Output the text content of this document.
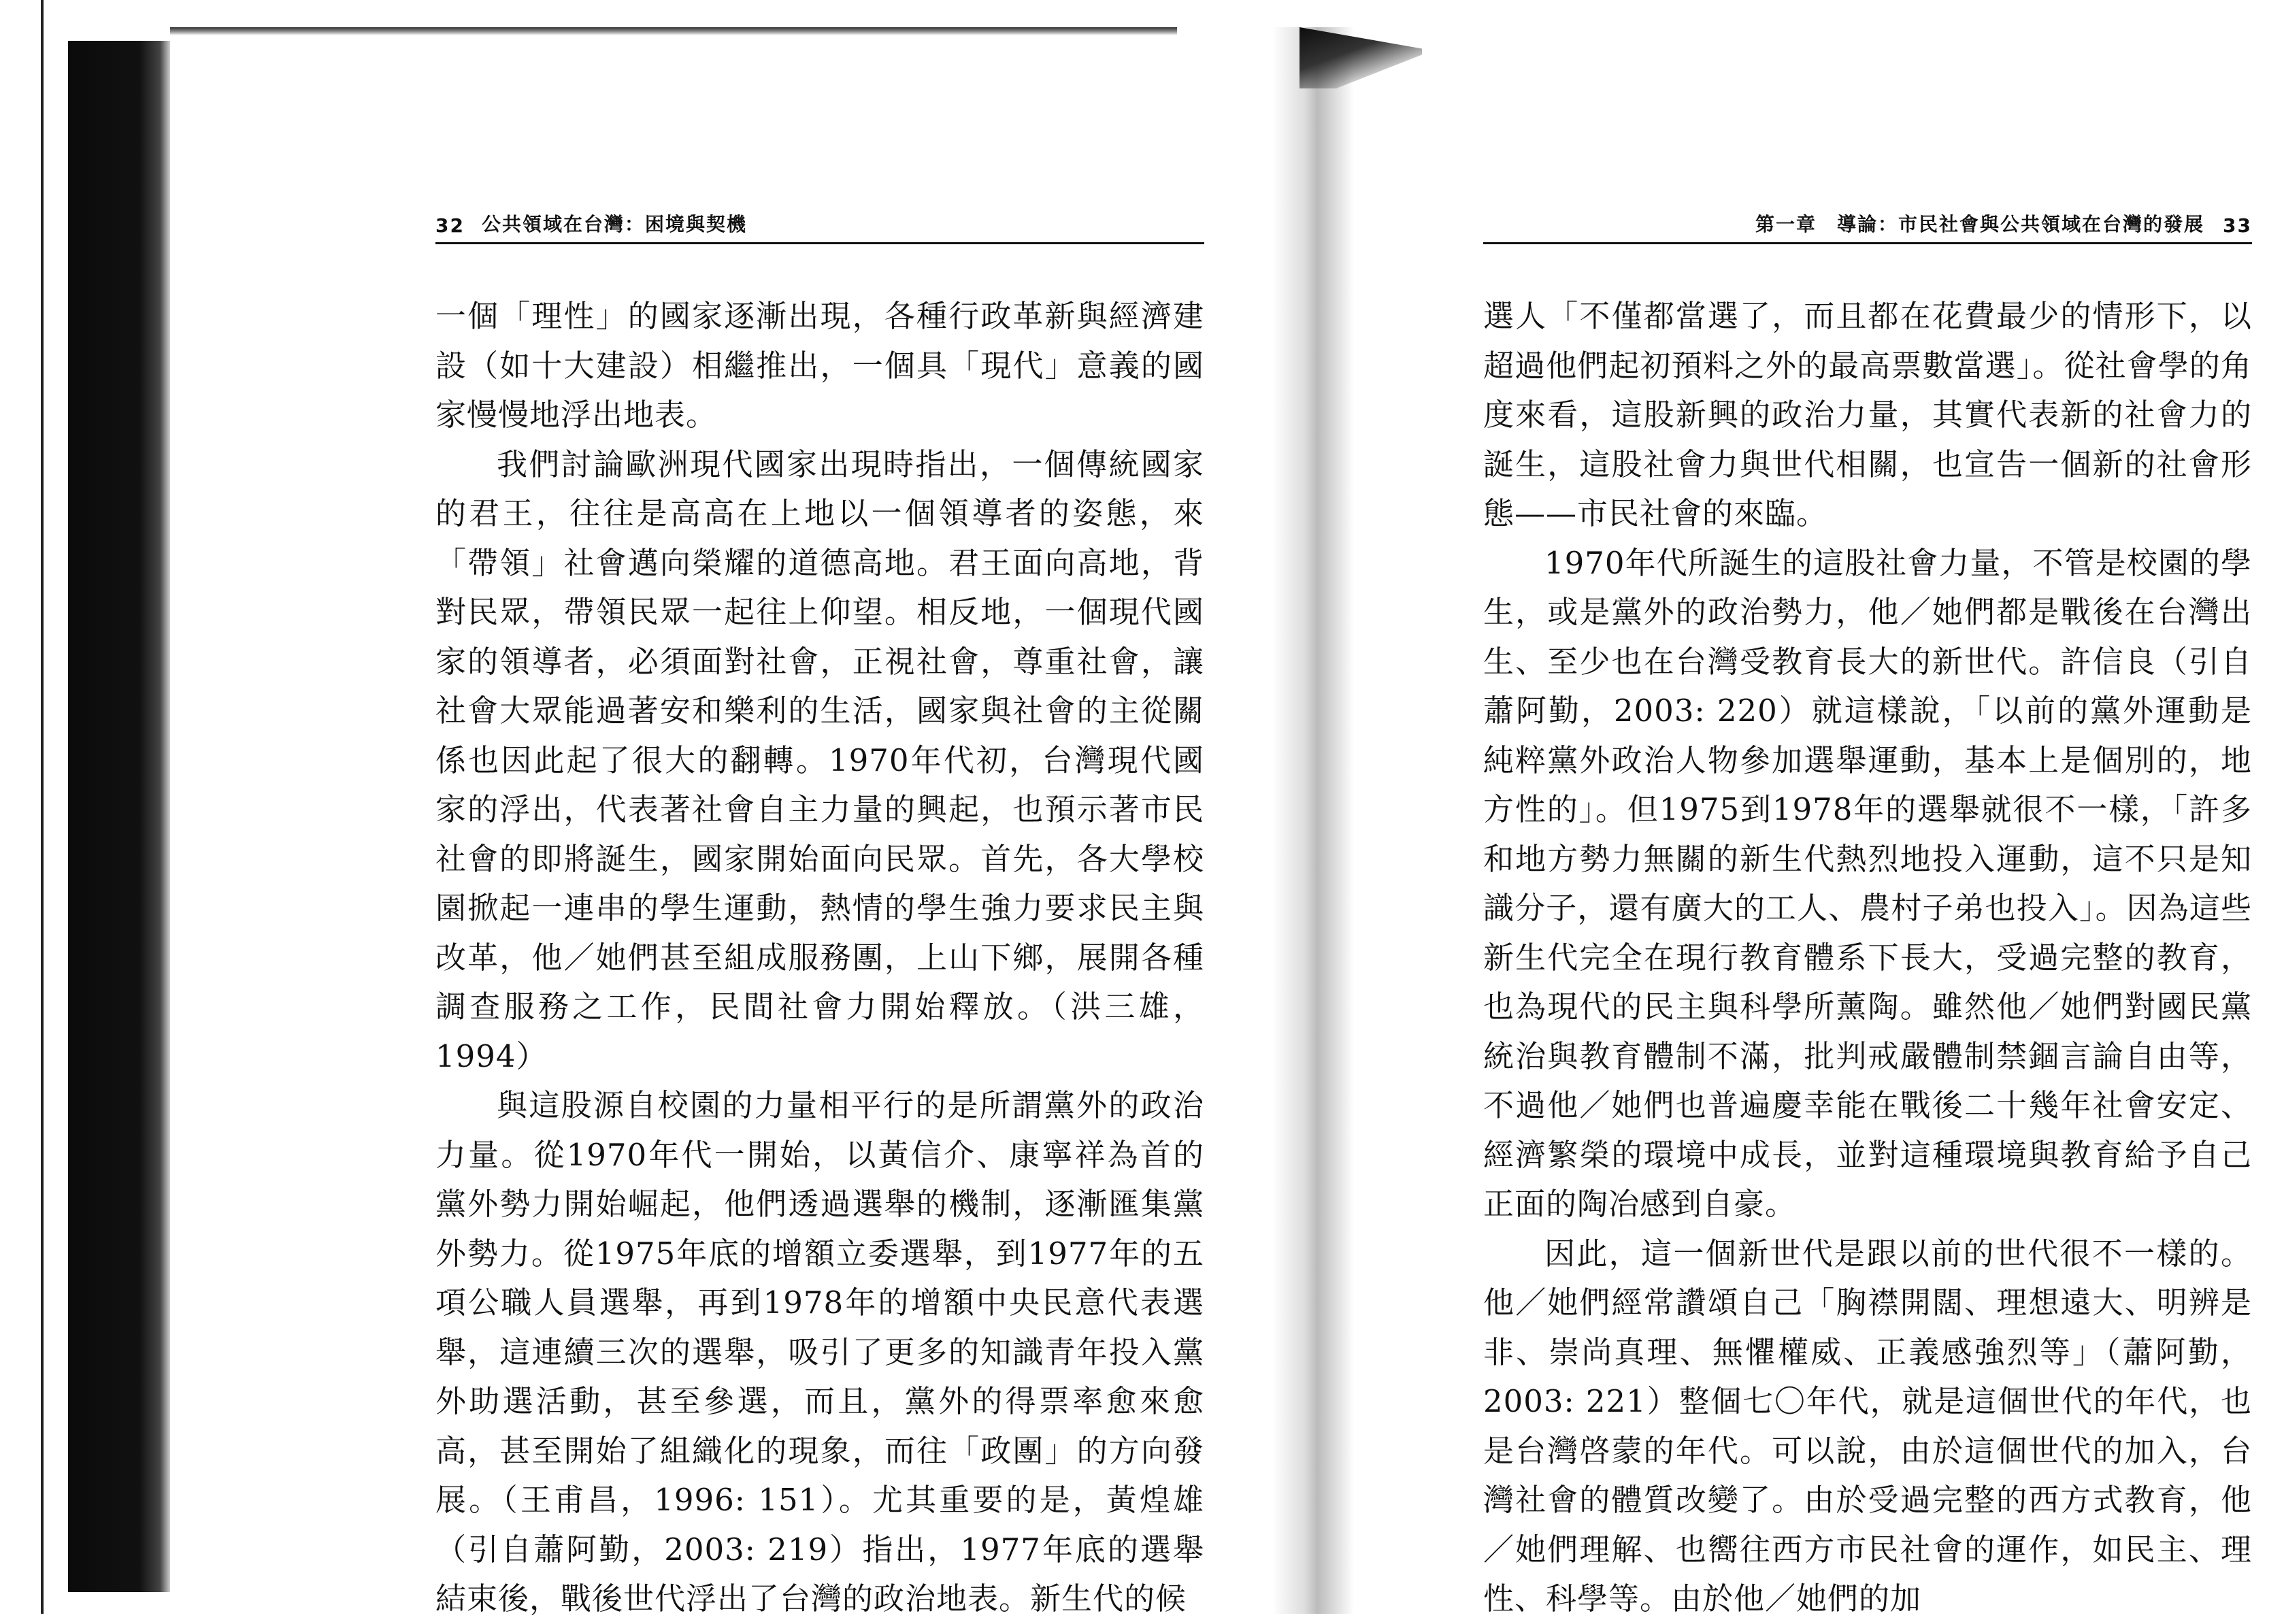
32 公共領域在台灣：困境與契機

一個「理性」的國家逐漸出現，各種行政革新與經濟建設（如十大建設）相繼推出，一個具「現代」意義的國家慢慢地浮出地表。

我們討論歐洲現代國家出現時指出，一個傳統國家的君王，往往是高高在上地以一個領導者的姿態，來「帶領」社會邁向榮耀的道德高地。君王面向高地，背對民眾，帶領民眾一起往上仰望。相反地，一個現代國家的領導者，必須面對社會，正視社會，尊重社會，讓社會大眾能過著安和樂利的生活，國家與社會的主從關係也因此起了很大的翻轉。1970年代初，台灣現代國家的浮出，代表著社會自主力量的興起，也預示著市民社會的即將誕生，國家開始面向民眾。首先，各大學校園掀起一連串的學生運動，熱情的學生強力要求民主與改革，他／她們甚至組成服務團，上山下鄉，展開各種調查服務之工作，民間社會力開始釋放。（洪三雄，1994）

與這股源自校園的力量相平行的是所謂黨外的政治力量。從1970年代一開始，以黃信介、康寧祥為首的黨外勢力開始崛起，他們透過選舉的機制，逐漸匯集黨外勢力。從1975年底的增額立委選舉，到1977年的五項公職人員選舉，再到1978年的增額中央民意代表選舉，這連續三次的選舉，吸引了更多的知識青年投入黨外助選活動，甚至參選，而且，黨外的得票率愈來愈高，甚至開始了組織化的現象，而往「政團」的方向發展。（王甫昌，1996: 151）。尤其重要的是，黃煌雄（引自蕭阿勤，2003: 219）指出，1977年底的選舉結束後，戰後世代浮出了台灣的政治地表。新生代的候

第一章　導論：市民社會與公共領域在台灣的發展 33

選人「不僅都當選了，而且都在花費最少的情形下，以超過他們起初預料之外的最高票數當選」。從社會學的角度來看，這股新興的政治力量，其實代表新的社會力的誕生，這股社會力與世代相關，也宣告一個新的社會形態——市民社會的來臨。

1970年代所誕生的這股社會力量，不管是校園的學生，或是黨外的政治勢力，他／她們都是戰後在台灣出生、至少也在台灣受教育長大的新世代。許信良（引自蕭阿勤，2003: 220）就這樣說，「以前的黨外運動是純粹黨外政治人物參加選舉運動，基本上是個別的，地方性的」。但1975到1978年的選舉就很不一樣，「許多和地方勢力無關的新生代熱烈地投入運動，這不只是知識分子，還有廣大的工人、農村子弟也投入」。因為這些新生代完全在現行教育體系下長大，受過完整的教育，也為現代的民主與科學所薰陶。雖然他／她們對國民黨統治與教育體制不滿，批判戒嚴體制禁錮言論自由等，不過他／她們也普遍慶幸能在戰後二十幾年社會安定、經濟繁榮的環境中成長，並對這種環境與教育給予自己正面的陶冶感到自豪。

因此，這一個新世代是跟以前的世代很不一樣的。他／她們經常讚頌自己「胸襟開闊、理想遠大、明辨是非、崇尚真理、無懼權威、正義感強烈等」（蕭阿勤，2003: 221）整個七〇年代，就是這個世代的年代，也是台灣啓蒙的年代。可以說，由於這個世代的加入，台灣社會的體質改變了。由於受過完整的西方式教育，他／她們理解、也嚮往西方市民社會的運作，如民主、理性、科學等。由於他／她們的加
